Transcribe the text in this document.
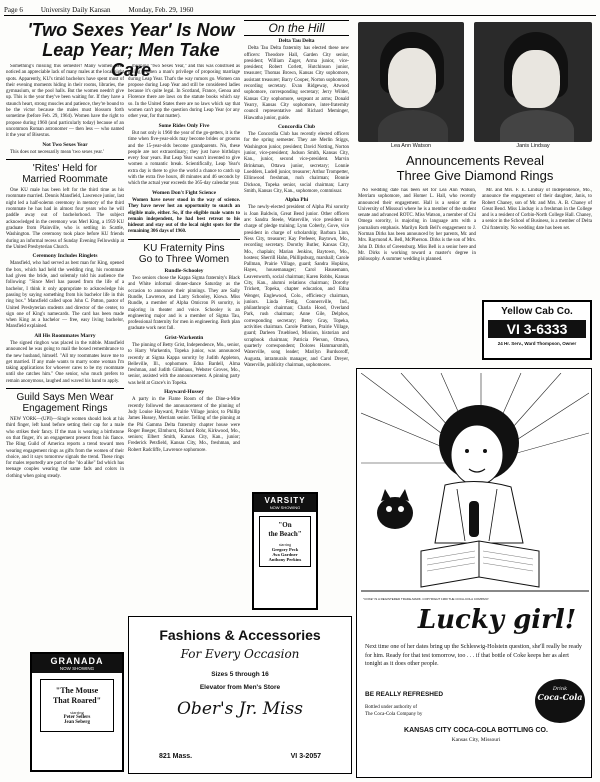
Page 6	University Daily Kansan	Monday, Feb. 29, 1960
'Two Sexes Year' Is Now
Leap Year; Men Take Care

Something's missing this semester! Many women have noticed an appreciable lack of many males at the local night spots. Apparently, KU's timid bachelors have spent most of their evening moments hiding in their rooms, libraries, the gymnasium, or the pool halls. But the women needn't give up. This is the year they've been waiting for. If they have a staunch heart, strong muscles and patience, they're bound to be the victor because the males must blossom forth sometime (before Feb. 29, 1964). Women have the right to propose during 1960 (and particularly today) because of an uncommon Roman astronomer — then less — who named it the year of Bisextus.

Not Two Sexes Year

This does not necessarily mean 'two sexes year.'

'Rites' Held for
Married Roommate

One KU male has been left for the third time as his roommate married. Dennis Mansfield, Lawrence junior, last night led a half-solemn ceremony in memory of the third roommate he has had in almost four years who he will paddle away out of bachelorhood. The subject acknowledged in the ceremony was Merl King, a 1959 KU graduate from Plainville, who is settling in Scattle, Washington. The ceremony took place before KU friends during an informal recess of Sunday Evening Fellowship at the United Presbyterian Church.

Ceremony Includes Ringlets

Mansfield, who had served as best man for King, opened the box, which had held the wedding ring, his roommate had given the bride, and solemnly told his audience the following: "Since Merl has passed from the life of a bachelor, I think it only appropriate to acknowledge his passing by saying something from his bachelor life in this ring box." Mansfield called upon John C. Patton, pastor of United Presbyterian students and director of the center, to sign one of King's namecards. The card has been made when King as a bachelor — free, easy living bachelor, Mansfield explained.

All His Roommates Marry

The signed ringbox was placed in the rubble. Mansfield announced he was going to mail the boxed remembrance to the new husband, himself. "All my roommates leave me to get married. If any male wants to marry some woman I'm taking applications for whoever cares to be my roommate until she catches him." One senior, who much prefers to remain anonymous, laughed and waved his hand to apply.

Guild Says Men Wear
Engagement Rings

NEW YORK—(UPI)—Single women should look at his third finger, left hand before setting their cap for a male who strikes their fancy. If the man is wearing a birthstone on that finger, it's an engagement present from his fiance. The Ring Guild of America reports a trend toward men wearing engagement rings as gifts from the women of their choice, and it says tomorrow signals the trend. These rings for males reportedly are part of the "do alike" fad which has teenage couples wearing the same fads and colors in clothing when going steady.

GRANADA
NOW SHOWING
"The Mouse
That Roared"
starring
Peter Sellers
Jean Seberg

meaning "two Sexes Year," and this was construed as giving women a man's privilege of proposing marriage during Leap Year. That's the way rumors go. Women can propose during Leap Year and still be considered ladies because it's quite legal. In Scotland, France, Genoa and Florence there are laws on the statute books which say so. In the United States there are no laws which say that women can't pop the question during Leap Year (or any other year, for that matter).

Some Rides Only Five

But not only is 1960 the year of the go-getters, it is the time when five-year-olds may become brides or grooms and the 15-year-olds become grandparents. No, these people are not extraordinary; they just have birthdays every four years. But Leap Year wasn't invented to give women a romantic break. Scientifically, Leap Year's extra day is there to give the world a chance to catch up with the extra five hours, 48 minutes and 46 seconds by which the actual year exceeds the 365-day calendar year.

Women Don't Fight Science

Women have never stood in the way of science. They have never lost an opportunity to snatch an eligible male, either. So, if the eligible male wants to remain independent, he had best retreat to his hideout and stay out of the local night spots for the remaining 306 days of 1960.

KU Fraternity Pins
Go to Three Women
Rundle-Schooley

Two seniors chose the Kappa Sigma fraternity's Black and White informal dinner-dance Saturday as the occasion to announce their pinnings. They are Sally Rundle, Lawrence, and Larry Schooley, Kiowa. Miss Rundle, a member of Alpha Omicron Pi sorority, is majoring in theater and voice. Schooley is an engineering major and is a member of Sigma Tau, professional fraternity for men in engineering. Both plan graduate work next fall.

Grist-Warkentin

The pinning of Betty Grist, Independence, Mo., senior, to Harry Warkentin, Topeka junior, was announced recently at Sigma Kappa sorority by Judith Appleton, Belleville, Ill., sophomore. Edna Bardell, Alma freshman, and Judith Gildehaus, Webster Groves, Mo., senior, assisted with the announcement. A pinning party was held at Grace's in Topeka.

Hayward-Hussey

A party in the Flame Room of the Dine-a-Mite recently followed the announcement of the pinning of Judy Louise Hayward, Prairie Village junior, to Phillip James Hussey, Merriam senior. Telling of the pinning at the Phi Gamma Delta fraternity chapter house were Roger Boeger, Elmhurst, Richard Rohr, Kirkwood, Mo., seniors; Elbert Smith, Kansas City, Kan., junior; Frederick Petsfield, Kansas City, Mo., freshman, and Robert Radcliffe, Lawrence sophomore.

On the Hill
Delta Tau Delta

Delta Tau Delta fraternity has elected these new officers: Theodore Hall, Garden City senior, president; William Zuger, Arma junior, vice-president; Robert Corlett, Hutchinson junior, treasurer; Thomas Brown, Kansas City sophomore, assistant treasurer; Barry Cooper, Norton sophomore, recording secretary. Evan Ridgeway, Atwood sophomore, corresponding secretary; Jerry Wilder, Kansas City sophomore, sergeant at arms; Donald Yearry, Kansas City sophomore, inter-fraternity council representative and Richard Meminger, Hiawatha junior, guide.

Concordia Club

The Concordia Club has recently elected officers for the spring semester. They are Merlin Stiggs, Washington junior, president; David Notting, Norton junior, vice-president; Judson Smith, Kansas City, Kan., junior, second vice-president. Marvin Brinkman, Ottawa junior, secretary; Lonnie Luedders, Ludell junior, treasurer; Arthur Trompetter, Ellinwood freshman, rush chairman; Bonnie Dickson, Topeka senior, social chairman; Larry Smith, Kansas City, Kan., sophomore, commissar.

Alpha Phi

The newly-elected president of Alpha Phi sorority is Joan Baldwin, Great Bend junior. Other officers are: Sandra Steele, Waterville, vice president in charge of pledge training; Lynn Coberly, Gove, vice president in charge of scholarship; Barbara Linn, Ness City, treasurer; Kay Prefeeer, Baytown, Mo., recording secretary. Dorothy Butler, Kansas City, Mo., chaplain; Marian Jenkins, Baytown, Mo., hostess; Sherrill Hahn, Phillipsburg, marshall; Carole Pallman, Prairie Village, guard; Sandra Hopkins, Hayes, housemanager; Carol Hausemann, Leavenworth, social chairman; Karen Robbs, Kansas City, Kan., alumni relations chairman; Dorothy Trickett, Topeka, chapter education, and Edna Wenger, Englewood, Colo., efficiency chairman, juniors. Linda Fettig, Connersville, Ind., philanthropic chairman; Charla Hood, Overland Park, rush chairman; Anne Gile, Delphos, corresponding secretary; Betsy Gray, Topeka, activities chairman. Carole Pattison, Prairie Village, guard; Darleen Truebloed, Mission, historian and scrapbook chairman; Patricia Pierson, Ottawa, quarterly correspondent; Dolores Hammarsmith, Waterville, song leader; Marilyn Burdsoroff, Augusta, intramurals manager, and Carol Dreyer, Waterville, publicity chairman, sophomores.

VARSITY
NOW SHOWING
"On
the Beach"
starring
Gregory Peck
Ava Gardner
Anthony Perkins
Lea Ann Watson	Janis Lindsay
Announcements Reveal
Three Give Diamond Rings

No wedding date has been set for Lea Ann Watson, Merriam sophomore, and Homer L. Hall, who recently announced their engagement. Hall is a senior at the University of Missouri where he is a member of the student senate and advanced ROTC. Miss Watson, a member of Chi Omega sorority, is majoring in language arts with a journalism emphasis. Marilyn Ruth Bell's engagement to J. Norman Dirks has been announced by her parents, Mr. and Mrs. Raymond A. Bell, McPherson. Dirks is the son of Mrs. John D. Dirks of Greensburg. Miss Bell is a senior here and Mr. Dirks is working toward a master's degree in philosophy. A summer wedding is planned.

Mr. and Mrs. F. E. Lindsay of Independence, Mo., announce the engagement of their daughter, Janis, to Robert Chaney, son of Mr. and Mrs. A. B. Chaney of Great Bend. Miss Lindsay is a freshman in the College and is a resident of Corbin-North College Hall. Chaney, a senior in the School of Business, is a member of Delta Chi fraternity. No wedding date has been set.

Yellow Cab Co.
VI 3-6333
24 Hr. Serv., Ward Thompson, Owner
"COKE" IS A REGISTERED TRADE-MARK. COPYRIGHT 1960 THE COCA-COLA COMPANY.
Lucky girl!
Next time one of her dates bring up the Schleswig-Holstein question, she'll really be ready for him. Ready for that test tomorrow, too . . . if that bottle of Coke keeps her as alert tonight as it does other people.
BE REALLY REFRESHED
Bottled under authority of
The Coca-Cola Company by
KANSAS CITY COCA-COLA BOTTLING CO.
Kansas City, Missouri
Drink
Coca-Cola
Fashions & Accessories
For Every Occasion
Sizes 5 through 16
Elevator from Men's Store
Ober's Jr. Miss
821 Mass.	VI 3-2057
